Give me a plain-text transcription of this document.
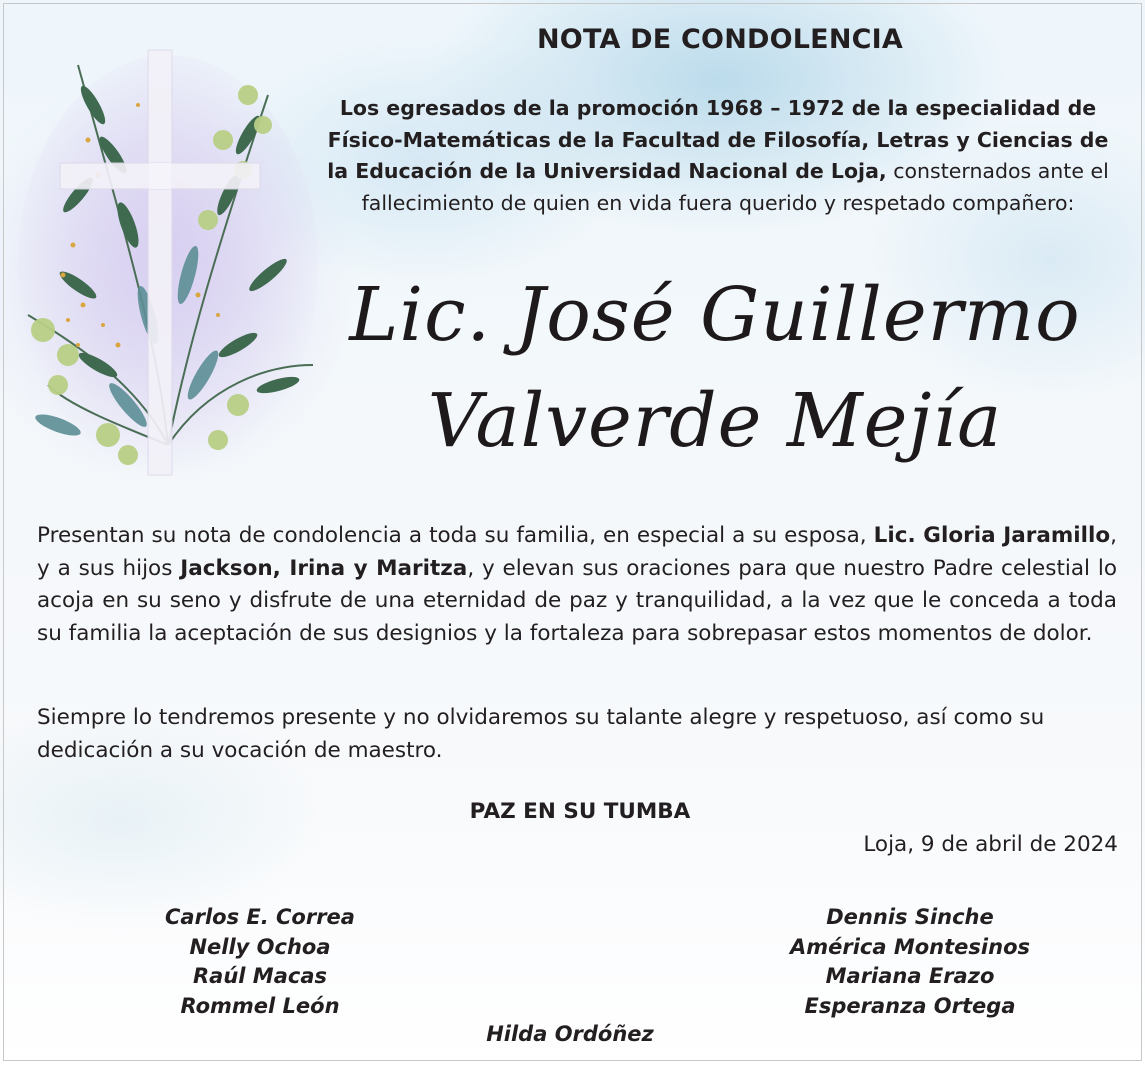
NOTA DE CONDOLENCIA
Los egresados de la promoción 1968 – 1972 de la especialidad de Físico-Matemáticas de la Facultad de Filosofía, Letras y Ciencias de la Educación de la Universidad Nacional de Loja, consternados ante el fallecimiento de quien en vida fuera querido y respetado compañero:
Lic. José Guillermo
Valverde Mejía
Presentan su nota de condolencia a toda su familia, en especial a su esposa, Lic. Gloria Jaramillo, y a sus hijos Jackson, Irina y Maritza, y elevan sus oraciones para que nuestro Padre celestial lo acoja en su seno y disfrute de una eternidad de paz y tranquilidad, a la vez que le conceda a toda su familia la aceptación de sus designios y la fortaleza para sobrepasar estos momentos de dolor.
Siempre lo tendremos presente y no olvidaremos su talante alegre y respetuoso, así como su dedicación a su vocación de maestro.
PAZ EN SU TUMBA
Loja, 9 de abril de 2024
Carlos E. Correa
Nelly Ochoa
Raúl Macas
Rommel León
Dennis Sinche
América Montesinos
Mariana Erazo
Esperanza Ortega
Hilda Ordóñez
